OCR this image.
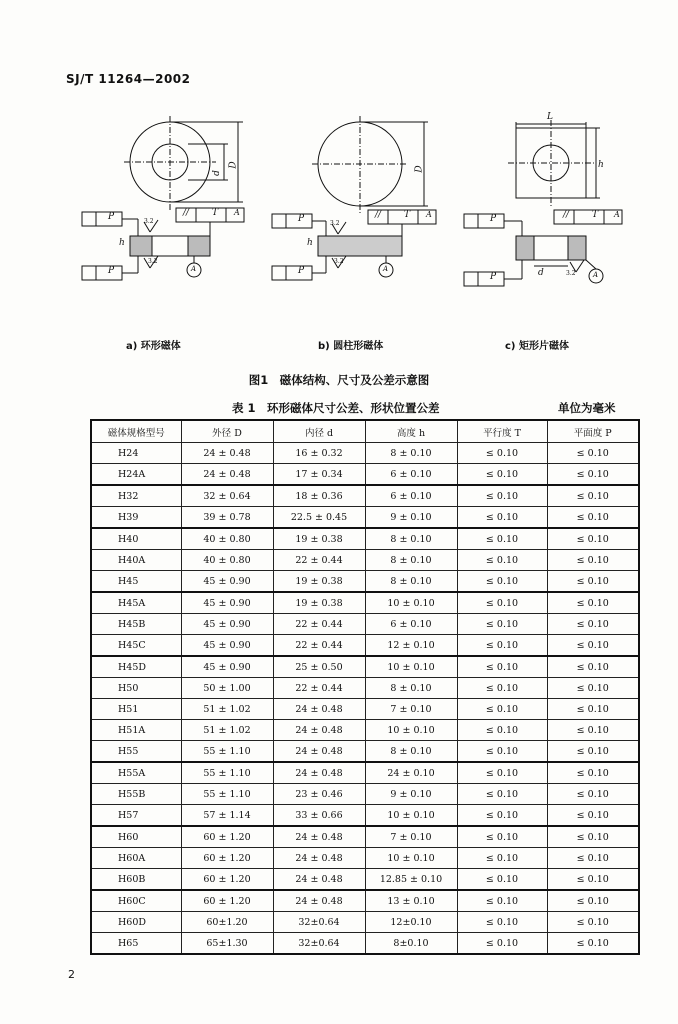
SJ/T 11264—2002
d
D
P
P
//	T A
3.2
3.2
h
A
D
P
P
//	T A
3.2
3.2
h
A
L
h
P
P
//	T A
d	3.2 A
a) 环形磁体	b) 圆柱形磁体	c) 矩形片磁体
图1　磁体结构、尺寸及公差示意图
表 1　环形磁体尺寸公差、形状位置公差	单位为毫米
磁体规格型号	外径 D	内径 d	高度 h	平行度 T	平面度 P
H24	24 ± 0.48	16 ± 0.32	8 ± 0.10	≤ 0.10	≤ 0.10
H24A	24 ± 0.48	17 ± 0.34	6 ± 0.10	≤ 0.10	≤ 0.10
H32	32 ± 0.64	18 ± 0.36	6 ± 0.10	≤ 0.10	≤ 0.10
H39	39 ± 0.78	22.5 ± 0.45	9 ± 0.10	≤ 0.10	≤ 0.10
H40	40 ± 0.80	19 ± 0.38	8 ± 0.10	≤ 0.10	≤ 0.10
H40A	40 ± 0.80	22 ± 0.44	8 ± 0.10	≤ 0.10	≤ 0.10
H45	45 ± 0.90	19 ± 0.38	8 ± 0.10	≤ 0.10	≤ 0.10
H45A	45 ± 0.90	19 ± 0.38	10 ± 0.10	≤ 0.10	≤ 0.10
H45B	45 ± 0.90	22 ± 0.44	6 ± 0.10	≤ 0.10	≤ 0.10
H45C	45 ± 0.90	22 ± 0.44	12 ± 0.10	≤ 0.10	≤ 0.10
H45D	45 ± 0.90	25 ± 0.50	10 ± 0.10	≤ 0.10	≤ 0.10
H50	50 ± 1.00	22 ± 0.44	8 ± 0.10	≤ 0.10	≤ 0.10
H51	51 ± 1.02	24 ± 0.48	7 ± 0.10	≤ 0.10	≤ 0.10
H51A	51 ± 1.02	24 ± 0.48	10 ± 0.10	≤ 0.10	≤ 0.10
H55	55 ± 1.10	24 ± 0.48	8 ± 0.10	≤ 0.10	≤ 0.10
H55A	55 ± 1.10	24 ± 0.48	24 ± 0.10	≤ 0.10	≤ 0.10
H55B	55 ± 1.10	23 ± 0.46	9 ± 0.10	≤ 0.10	≤ 0.10
H57	57 ± 1.14	33 ± 0.66	10 ± 0.10	≤ 0.10	≤ 0.10
H60	60 ± 1.20	24 ± 0.48	7 ± 0.10	≤ 0.10	≤ 0.10
H60A	60 ± 1.20	24 ± 0.48	10 ± 0.10	≤ 0.10	≤ 0.10
H60B	60 ± 1.20	24 ± 0.48	12.85 ± 0.10	≤ 0.10	≤ 0.10
H60C	60 ± 1.20	24 ± 0.48	13 ± 0.10	≤ 0.10	≤ 0.10
H60D	60±1.20	32±0.64	12±0.10	≤ 0.10	≤ 0.10
H65	65±1.30	32±0.64	8±0.10	≤ 0.10	≤ 0.10
2
